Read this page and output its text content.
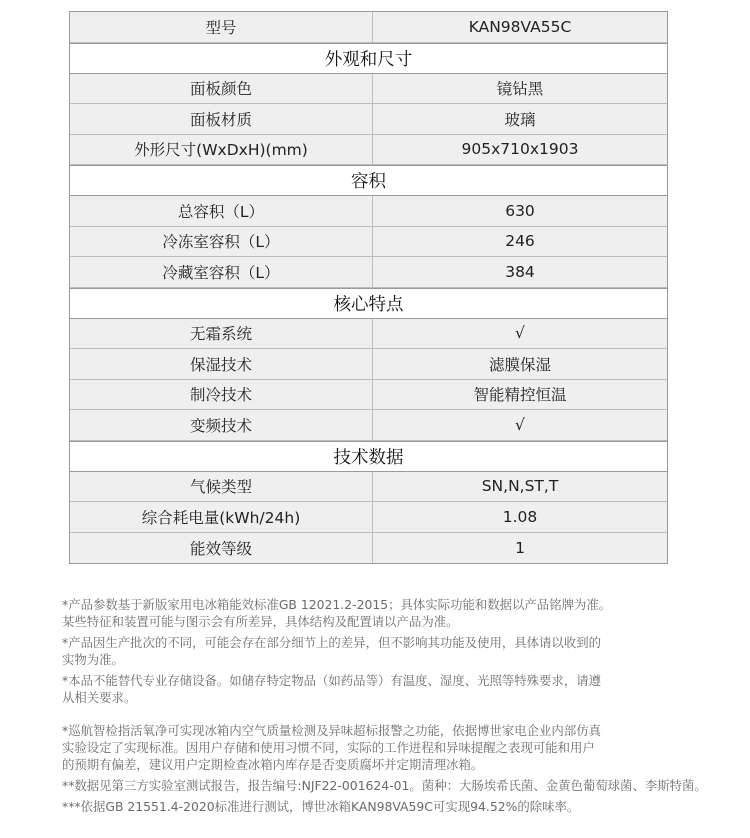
型号	KAN98VA55C
外观和尺寸
面板颜色	镜钻黑
面板材质	玻璃
外形尺寸(WxDxH)(mm)	905x710x1903
容积
总容积（L）	630
冷冻室容积（L）	246
冷藏室容积（L）	384
核心特点
无霜系统	√
保湿技术	滤膜保湿
制冷技术	智能精控恒温
变频技术	√
技术数据
气候类型	SN,N,ST,T
综合耗电量(kWh/24h)	1.08
能效等级	1

*产品参数基于新版家用电冰箱能效标准GB 12021.2-2015；具体实际功能和数据以产品铭牌为准。
某些特征和装置可能与图示会有所差异，具体结构及配置请以产品为准。

*产品因生产批次的不同，可能会存在部分细节上的差异，但不影响其功能及使用，具体请以收到的
实物为准。

*本品不能替代专业存储设备。如储存特定物品（如药品等）有温度、湿度、光照等特殊要求，请遵
从相关要求。

*巡航智检指活氧净可实现冰箱内空气质量检测及异味超标报警之功能，依据博世家电企业内部仿真
实验设定了实现标准。因用户存储和使用习惯不同，实际的工作进程和异味提醒之表现可能和用户
的预期有偏差，建议用户定期检查冰箱内库存是否变质腐坏并定期清理冰箱。

**数据见第三方实验室测试报告，报告编号:NJF22-001624-01。菌种：大肠埃希氏菌、金黄色葡萄球菌、李斯特菌。

***依据GB 21551.4-2020标准进行测试，博世冰箱KAN98VA59C可实现94.52%的除味率。
